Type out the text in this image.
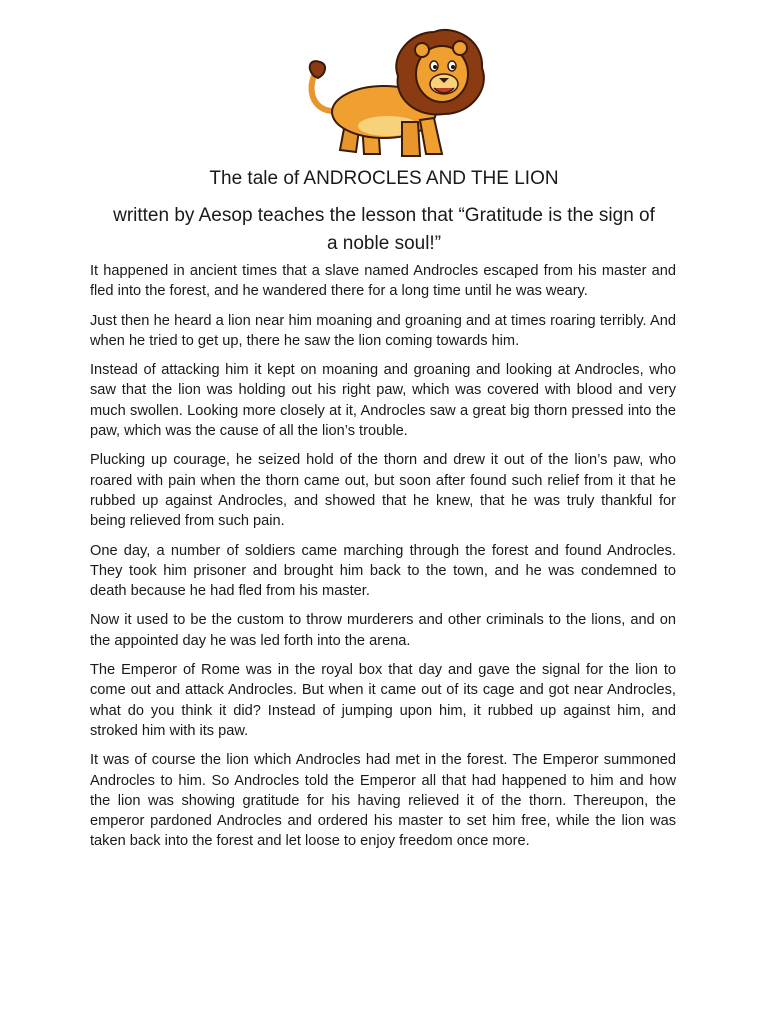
The tale of ANDROCLES AND THE LION

written by Aesop teaches the lesson that “Gratitude is the sign of a noble soul!”

It happened in ancient times that a slave named Androcles escaped from his master and fled into the forest, and he wandered there for a long time until he was weary.

Just then he heard a lion near him moaning and groaning and at times roaring terribly. And when he tried to get up, there he saw the lion coming towards him.

Instead of attacking him it kept on moaning and groaning and looking at Androcles, who saw that the lion was holding out his right paw, which was covered with blood and very much swollen. Looking more closely at it, Androcles saw a great big thorn pressed into the paw, which was the cause of all the lion’s trouble.

Plucking up courage, he seized hold of the thorn and drew it out of the lion’s paw, who roared with pain when the thorn came out, but soon after found such relief from it that he rubbed up against Androcles, and showed that he knew, that he was truly thankful for being relieved from such pain.

One day, a number of soldiers came marching through the forest and found Androcles. They took him prisoner and brought him back to the town, and he was condemned to death because he had fled from his master.

Now it used to be the custom to throw murderers and other criminals to the lions, and on the appointed day he was led forth into the arena.

The Emperor of Rome was in the royal box that day and gave the signal for the lion to come out and attack Androcles. But when it came out of its cage and got near Androcles, what do you think it did? Instead of jumping upon him, it rubbed up against him, and stroked him with its paw.

It was of course the lion which Androcles had met in the forest. The Emperor summoned Androcles to him. So Androcles told the Emperor all that had happened to him and how the lion was showing gratitude for his having relieved it of the thorn. Thereupon, the emperor pardoned Androcles and ordered his master to set him free, while the lion was taken back into the forest and let loose to enjoy freedom once more.
